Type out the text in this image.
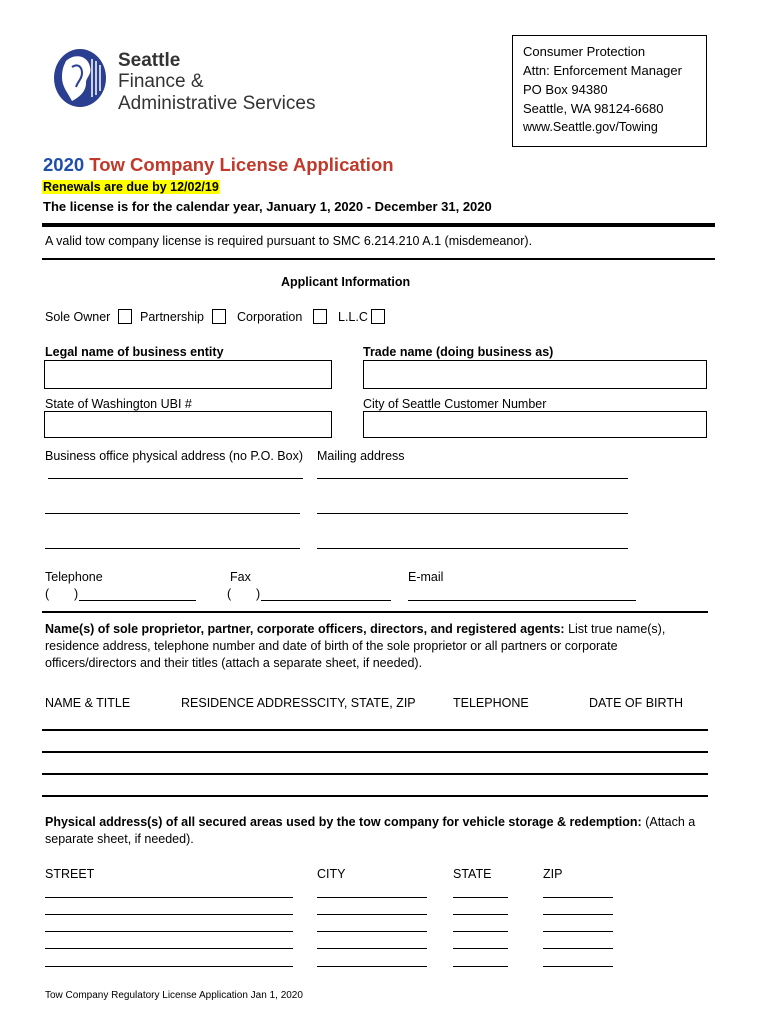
Seattle
Finance &
Administrative Services
Consumer Protection
Attn: Enforcement Manager
PO Box 94380
Seattle, WA 98124-6680
www.Seattle.gov/Towing
2020 Tow Company License Application
Renewals are due by 12/02/19
The license is for the calendar year, January 1, 2020 - December 31, 2020
A valid tow company license is required pursuant to SMC 6.214.210 A.1 (misdemeanor).
Applicant Information
Sole Owner Partnership	Corporation	L.L.C
Legal name of business entity	Trade name (doing business as)
State of Washington UBI #	City of Seattle Customer Number
Business office physical address (no P.O. Box) Mailing address
Telephone	Fax	E-mail
( )	( )
Name(s) of sole proprietor, partner, corporate officers, directors, and registered agents: List true name(s), residence address, telephone number and date of birth of the sole proprietor or all partners or corporate officers/directors and their titles (attach a separate sheet, if needed).
NAME & TITLE	RESIDENCE ADDRESS CITY, STATE, ZIP	TELEPHONE	DATE OF BIRTH
Physical address(s) of all secured areas used by the tow company for vehicle storage & redemption: (Attach a separate sheet, if needed).
STREET	CITY	STATE	ZIP
Tow Company Regulatory License Application Jan 1, 2020
